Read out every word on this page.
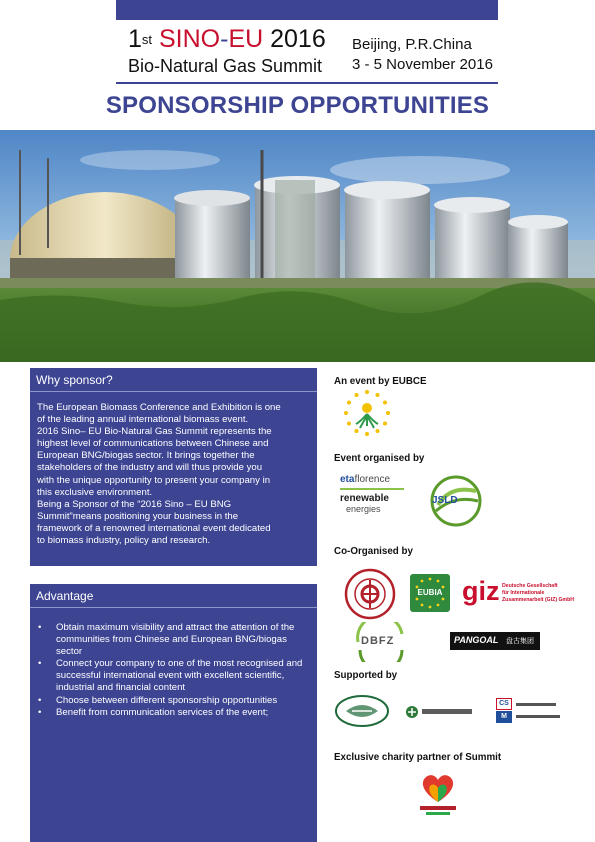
1st SINO-EU 2016
Bio-Natural Gas Summit
Beijing, P.R.China
3 - 5 November 2016
SPONSORSHIP OPPORTUNITIES
Why sponsor?

The European Biomass Conference and Exhibition is one

of the leading annual international biomass event.

2016 Sino– EU Bio-Natural Gas Summit represents the

highest level of communications between Chinese and

European BNG/biogas sector. It brings together the

stakeholders of the industry and will thus provide you

with the unique opportunity to present your company in

this exclusive environment.

Being a Sponsor of the “2016 Sino – EU BNG

Summit”means positioning your business in the

framework of a renowned international event dedicated

to biomass industry, policy and research.

Advantage
• Obtain maximum visibility and attract the attention of the communities from Chinese and European BNG/biogas sector
• Connect your company to one of the most recognised and successful international event with excellent scientific, industrial and financial content
• Choose between different sponsorship opportunities
• Benefit from communication services of the event;
An event by EUBCE
Event organised by
etaflorence
renewable
energies
JSLD
Co-Organised by
EUBIA giz Deutsche Gesellschaft
für Internationale
Zusammenarbeit (GIZ) GmbH
DBFZ	PANGOAL 盘古集团
Supported by
CS
M
Exclusive charity partner of Summit
